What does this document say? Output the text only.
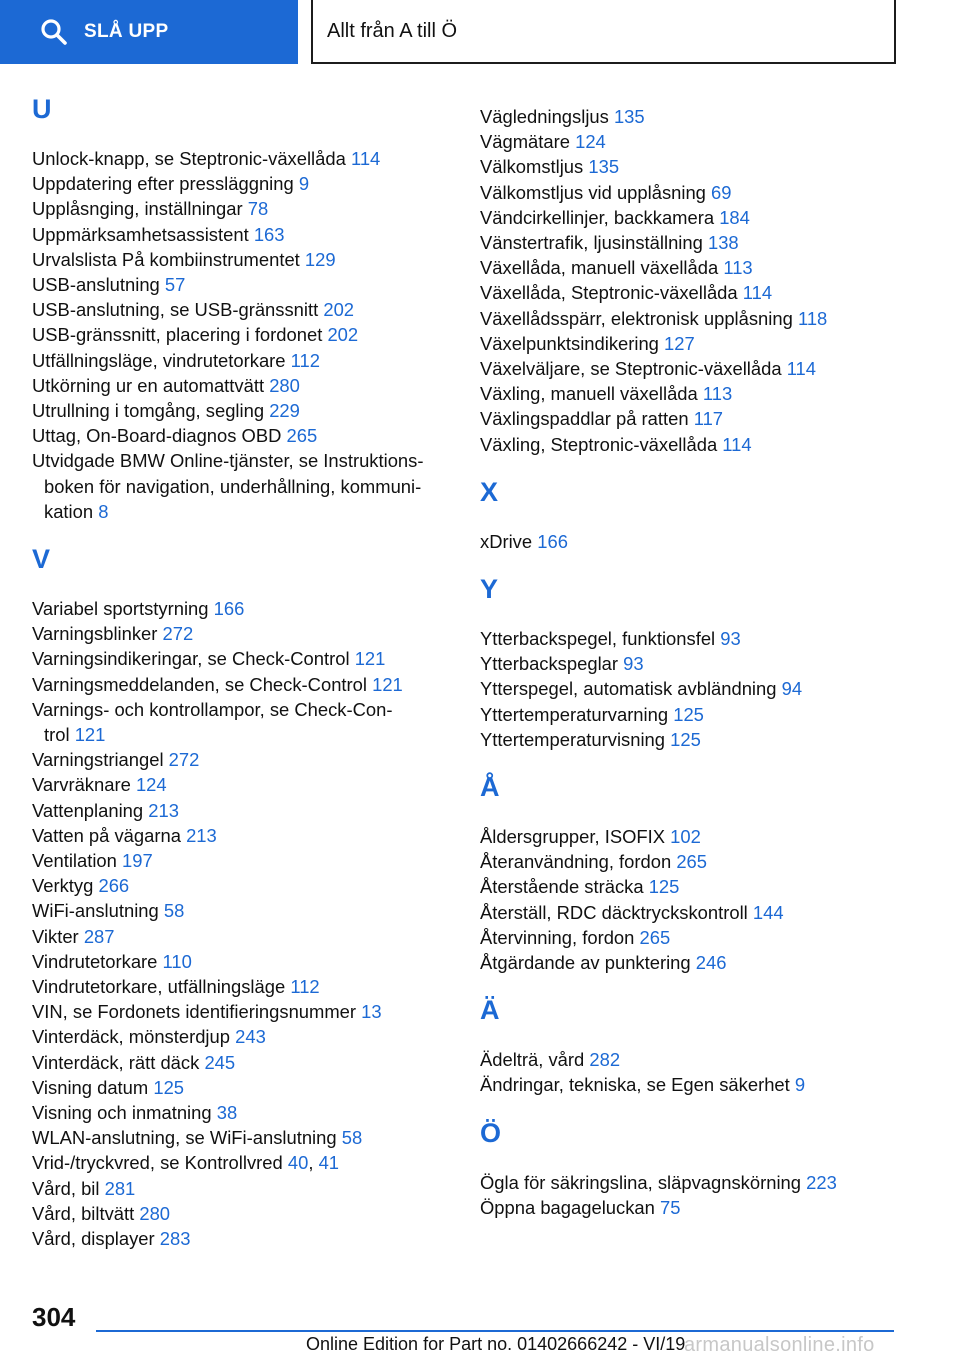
SLÅ UPP	Allt från A till Ö
U
Unlock-knapp, se Steptronic-växellåda 114
Uppdatering efter pressläggning 9
Upplåsnging, inställningar 78
Uppmärksamhetsassistent 163
Urvalslista På kombiinstrumentet 129
USB-anslutning 57
USB-anslutning, se USB-gränssnitt 202
USB-gränssnitt, placering i fordonet 202
Utfällningsläge, vindrutetorkare 112
Utkörning ur en automattvätt 280
Utrullning i tomgång, segling 229
Uttag, On-Board-diagnos OBD 265
Utvidgade BMW Online-tjänster, se Instruktions-
boken för navigation, underhållning, kommuni-
kation 8
V
Variabel sportstyrning 166
Varningsblinker 272
Varningsindikeringar, se Check-Control 121
Varningsmeddelanden, se Check-Control 121
Varnings- och kontrollampor, se Check-Con-
trol 121
Varningstriangel 272
Varvräknare 124
Vattenplaning 213
Vatten på vägarna 213
Ventilation 197
Verktyg 266
WiFi-anslutning 58
Vikter 287
Vindrutetorkare 110
Vindrutetorkare, utfällningsläge 112
VIN, se Fordonets identifieringsnummer 13
Vinterdäck, mönsterdjup 243
Vinterdäck, rätt däck 245
Visning datum 125
Visning och inmatning 38
WLAN-anslutning, se WiFi-anslutning 58
Vrid-/tryckvred, se Kontrollvred 40, 41
Vård, bil 281
Vård, biltvätt 280
Vård, displayer 283
Vägledningsljus 135
Vägmätare 124
Välkomstljus 135
Välkomstljus vid upplåsning 69
Vändcirkellinjer, backkamera 184
Vänstertrafik, ljusinställning 138
Växellåda, manuell växellåda 113
Växellåda, Steptronic-växellåda 114
Växellådsspärr, elektronisk upplåsning 118
Växelpunktsindikering 127
Växelväljare, se Steptronic-växellåda 114
Växling, manuell växellåda 113
Växlingspaddlar på ratten 117
Växling, Steptronic-växellåda 114
X
xDrive 166
Y
Ytterbackspegel, funktionsfel 93
Ytterbackspeglar 93
Ytterspegel, automatisk avbländning 94
Yttertemperaturvarning 125
Yttertemperaturvisning 125
Å
Åldersgrupper, ISOFIX 102
Återanvändning, fordon 265
Återstående sträcka 125
Återställ, RDC däcktryckskontroll 144
Återvinning, fordon 265
Åtgärdande av punktering 246
Ä
Ädelträ, vård 282
Ändringar, tekniska, se Egen säkerhet 9
Ö
Ögla för säkringslina, släpvagnskörning 223
Öppna bagageluckan 75
304
Online Edition for Part no. 01402666242 - VI/19
armanualsonline.info
